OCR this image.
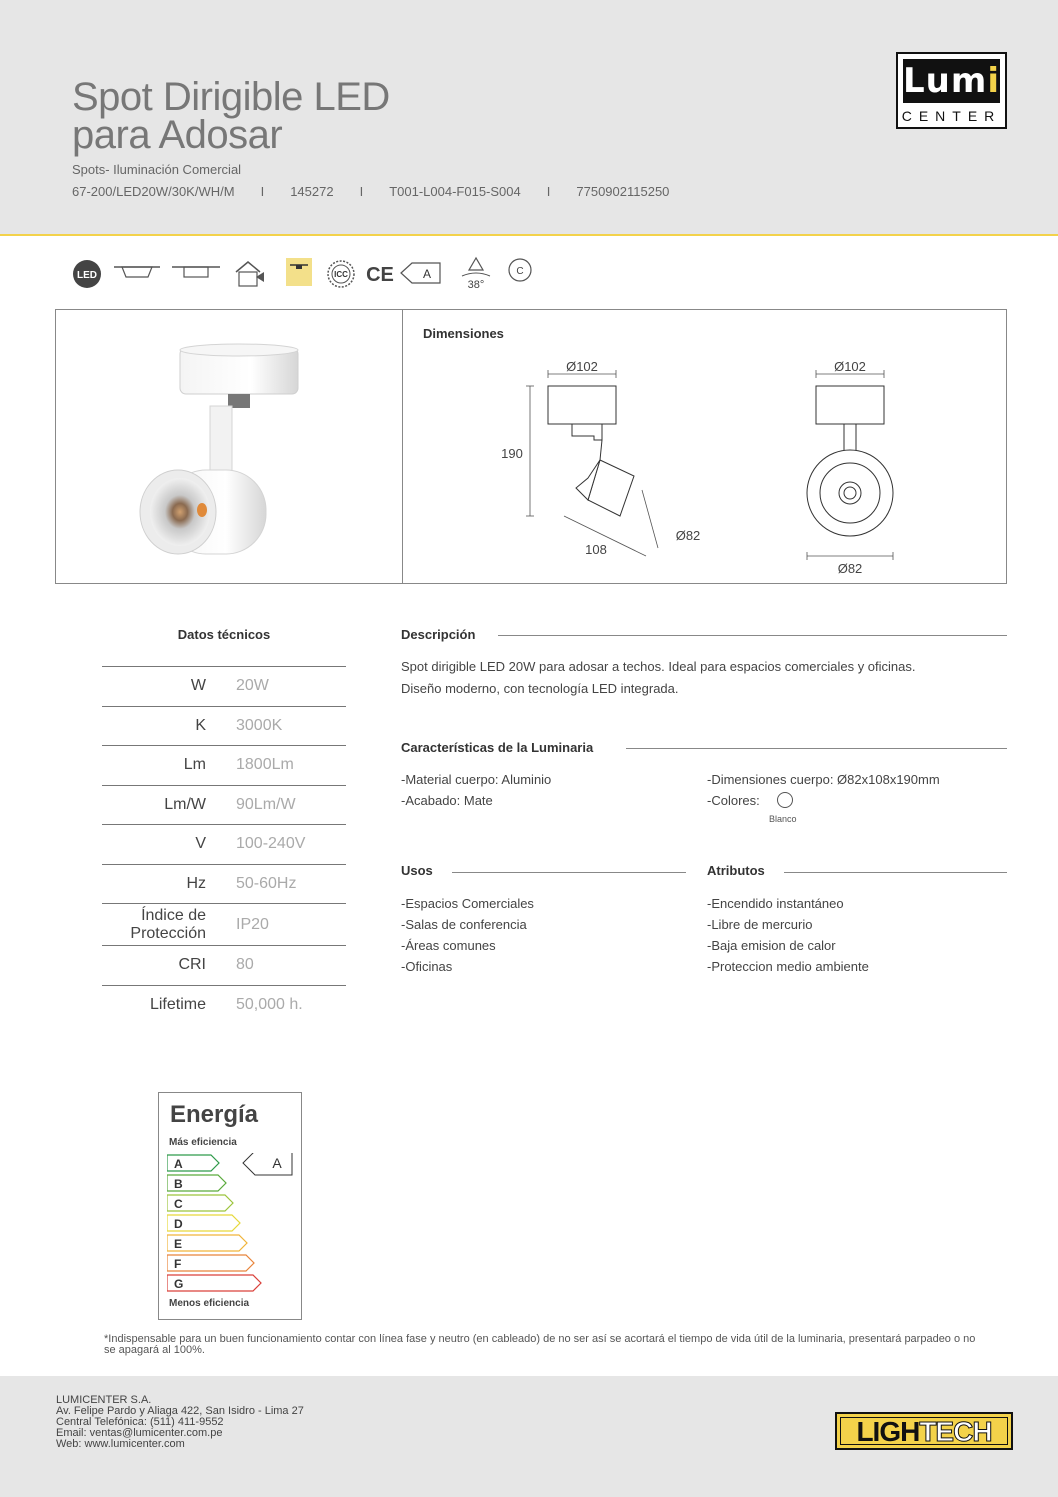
Spot Dirigible LED
para Adosar
Spots- Iluminación Comercial
67-200/LED20W/30K/WH/M I 145272 I T001-L004-F015-S004 I 7750902115250
Lumi
CENTER
LED	ICC CE A
38°
C
Dimensiones
Ø102
190
108
Ø82
Ø102
Ø82
Datos técnicos
W 20W
K 3000K
Lm 1800Lm
Lm/W 90Lm/W
V 100-240V
Hz 50-60Hz
Índice de Protección
IP20
CRI 80
Lifetime 50,000 h.
Descripción
Spot dirigible LED 20W para adosar a techos. Ideal para espacios comerciales y oficinas.
Diseño moderno, con tecnología LED integrada.
Características de la Luminaria
-Material cuerpo: Aluminio
-Acabado: Mate
-Dimensiones cuerpo: Ø82x108x190mm
-Colores:
Blanco
Usos
-Espacios Comerciales
-Salas de conferencia
-Áreas comunes
-Oficinas
Atributos
-Encendido instantáneo
-Libre de mercurio
-Baja emision de calor
-Proteccion medio ambiente
Energía
Más eficiencia
A
B
C
D
E
F
G
A
Menos eficiencia
*Indispensable para un buen funcionamiento contar con línea fase y neutro (en cableado) de no ser así se acortará el tiempo de vida útil de la luminaria, presentará parpadeo o no se apagará al 100%.
LUMICENTER S.A.
Av. Felipe Pardo y Aliaga 422, San Isidro - Lima 27
Central Telefónica: (511) 411-9552
Email: ventas@lumicenter.com.pe
Web: www.lumicenter.com	LIGHTECH
